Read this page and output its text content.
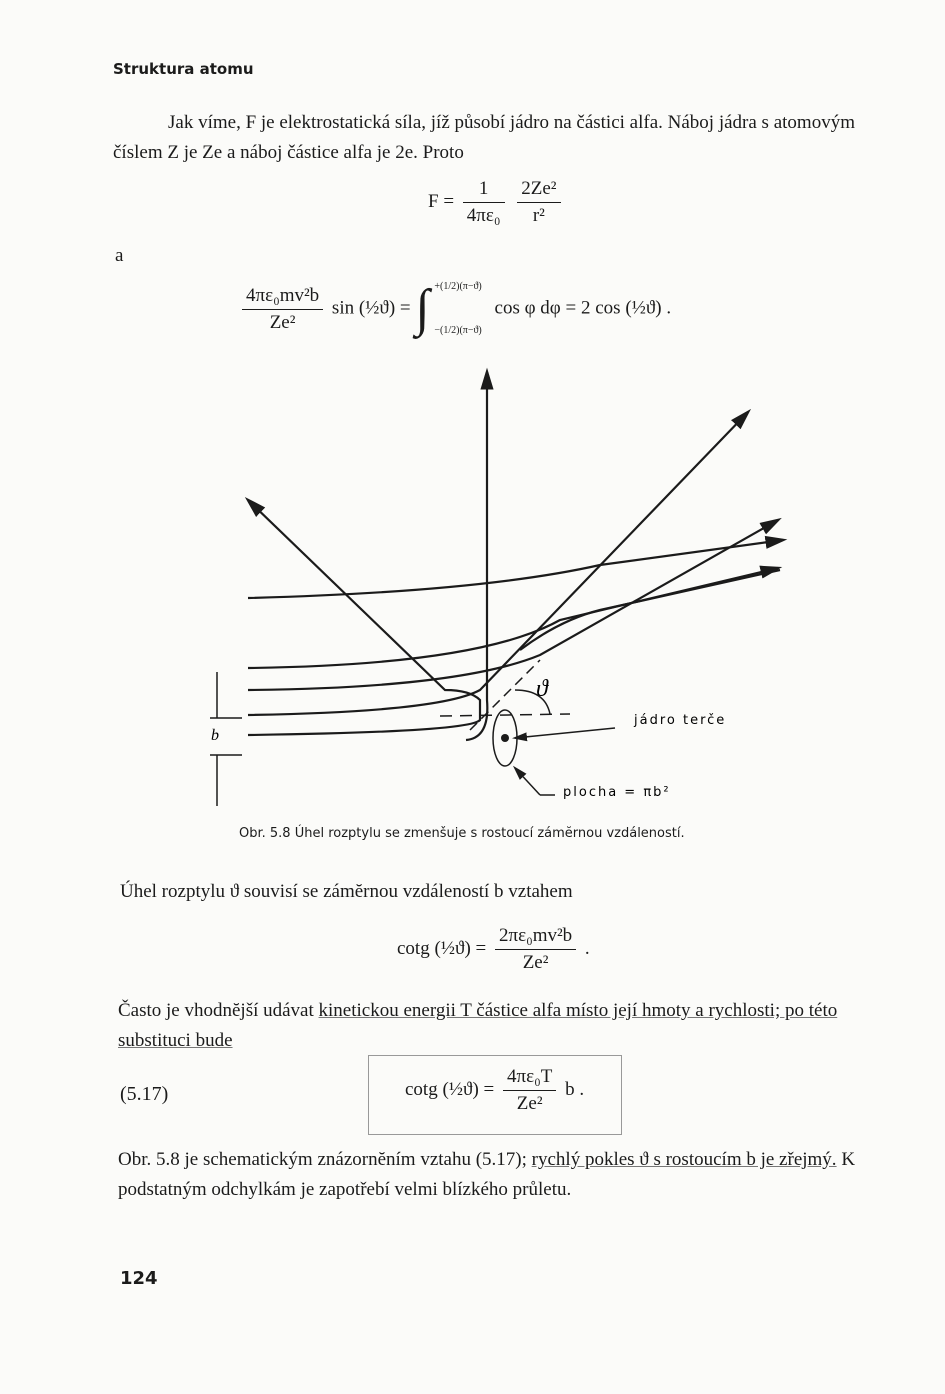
Struktura atomu
Jak víme, F je elektrostatická síla, jíž působí jádro na částici alfa. Náboj jádra s atomovým číslem Z je Ze a náboj částice alfa je 2e. Proto
$F = \frac{1}{\text{4πε₀}}$
$\frac{\text{2Ze²}}{\text{r²}}$
a
$\frac{\text{4πε₀mv²b}}{\text{Ze²}}$ sin (½ϑ) = ∫ +(1/2)(π−ϑ)
−(1/2)(π−ϑ)
cos φ dφ = 2 cos (½ϑ) .
b
ϑ
jádro terče
plocha = πb²
Obr. 5.8 Úhel rozptylu se zmenšuje s rostoucí zámĕrnou vzdáleností.
Úhel rozptylu ϑ souvisí se zámĕrnou vzdáleností b vztahem
cotg (½ϑ) = $\frac{\text{2πε₀mv²b}}{\text{Ze²}}$ .
Často je vhodnĕjší udávat kinetickou energii T částice alfa místo její hmoty a rychlosti; po této substituci bude
(5.17)	cotg (½ϑ) = $\frac{\text{4πε₀T}}{\text{Ze²}}$ b .
Obr. 5.8 je schematickým znázornĕním vztahu (5.17); rychlý pokles ϑ s rostoucím b je zřejmý. K podstatným odchylkám je zapotřebí velmi blízkého průletu.
124
